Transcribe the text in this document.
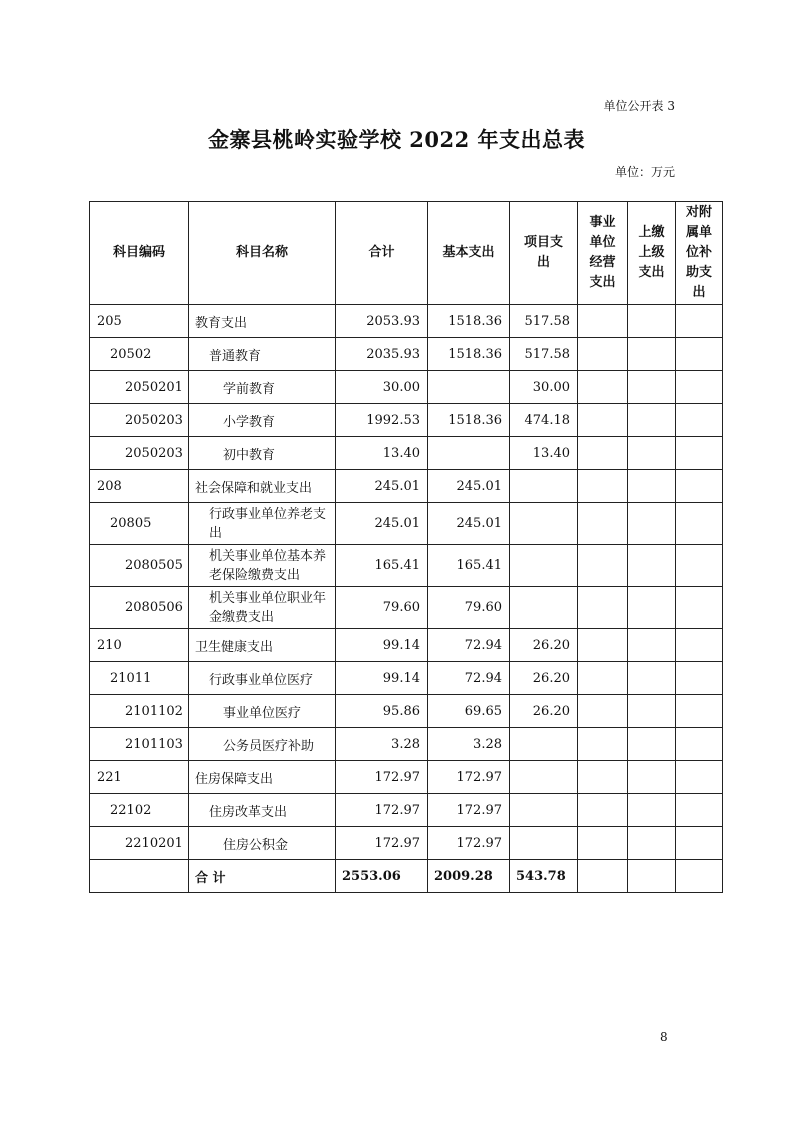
单位公开表 3
金寨县桃岭实验学校 2022 年支出总表
单位：万元
科目编码	科目名称	合计	基本支出	项目支出	事业单位经营支出	上缴上级支出	对附属单位补助支出
205	教育支出	2053.93	1518.36	517.58			
20502	普通教育	2035.93	1518.36	517.58			
2050201	学前教育	30.00		30.00			
2050203	小学教育	1992.53	1518.36	474.18			
2050203	初中教育	13.40		13.40			
208	社会保障和就业支出	245.01	245.01				
20805	行政事业单位养老支出	245.01	245.01				
2080505	机关事业单位基本养老保险缴费支出	165.41	165.41				
2080506	机关事业单位职业年金缴费支出	79.60	79.60				
210	卫生健康支出	99.14	72.94	26.20			
21011	行政事业单位医疗	99.14	72.94	26.20			
2101102	事业单位医疗	95.86	69.65	26.20			
2101103	公务员医疗补助	3.28	3.28				
221	住房保障支出	172.97	172.97				
22102	住房改革支出	172.97	172.97				
2210201	住房公积金	172.97	172.97				
	合 计	2553.06	2009.28	543.78			
8
